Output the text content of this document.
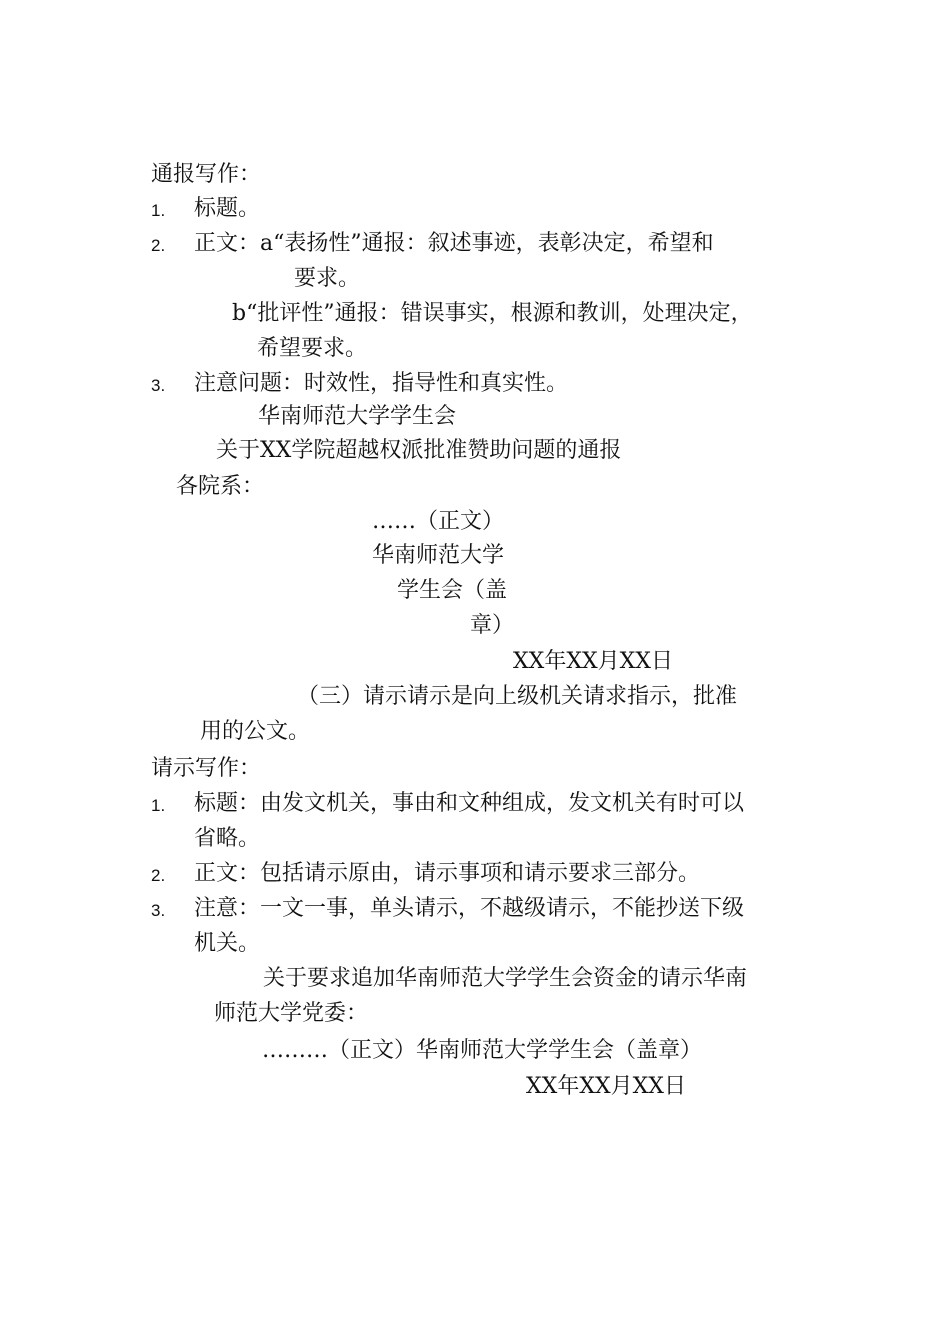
通报写作：
1. 标题。
2. 正文：a“表扬性”通报：叙述事迹，表彰决定，希望和
要求。
b“批评性”通报：错误事实，根源和教训，处理决定，
希望要求。
3. 注意问题：时效性，指导性和真实性。
华南师范大学学生会
关于XX学院超越权派批准赞助问题的通报
各院系：
……（正文）
华南师范大学
学生会（盖
章）
XX年XX月XX日
（三）请示请示是向上级机关请求指示，批准
用的公文。
请示写作：
1. 标题：由发文机关，事由和文种组成，发文机关有时可以
省略。
2. 正文：包括请示原由，请示事项和请示要求三部分。
3. 注意：一文一事，单头请示，不越级请示，不能抄送下级
机关。
关于要求追加华南师范大学学生会资金的请示华南
师范大学党委：
………（正文）华南师范大学学生会（盖章）
XX年XX月XX日
